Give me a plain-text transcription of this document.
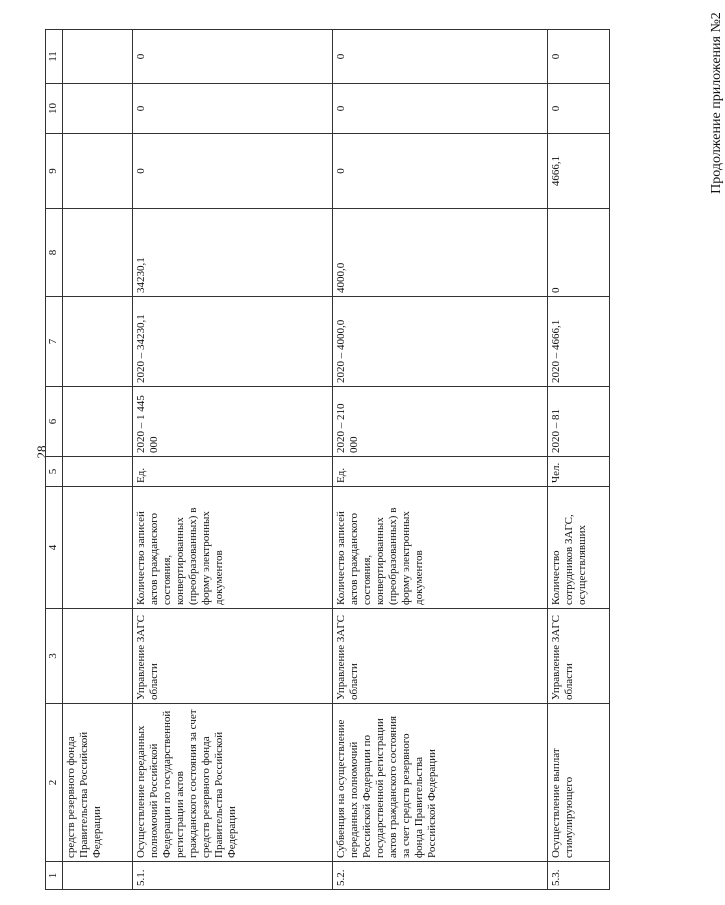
28
Продолжение приложения №2
1	2	3	4	5	6	7	8	9	10	11
	средств резервного фонда Правительства Российской Федерации									
5.1.	Осуществление переданных полномочий Российской Федерации по государственной регистрации актов гражданского состояния за счет средств резервного фонда Правительства Российской Федерации	Управление ЗАГС области	Количество записей актов гражданского состояния, конвертированных (преобразованных) в форму электронных документов	Ед.	2020 – 1 445 000	2020 – 34230,1	34230,1	0	0	0
5.2.	Субвенция на осуществление переданных полномочий Российской Федерации по государственной регистрации актов гражданского состояния за счет средств резервного фонда Правительства Российской Федерации	Управление ЗАГС области	Количество записей актов гражданского состояния, конвертированных (преобразованных) в форму электронных документов	Ед.	2020 – 210 000	2020 – 4000,0	4000,0	0	0	0
5.3.	Осуществление выплат стимулирующего	Управление ЗАГС области	Количество сотрудников ЗАГС, осуществлявших	Чел.	2020 – 81	2020 – 4666,1	0	4666,1	0	0
